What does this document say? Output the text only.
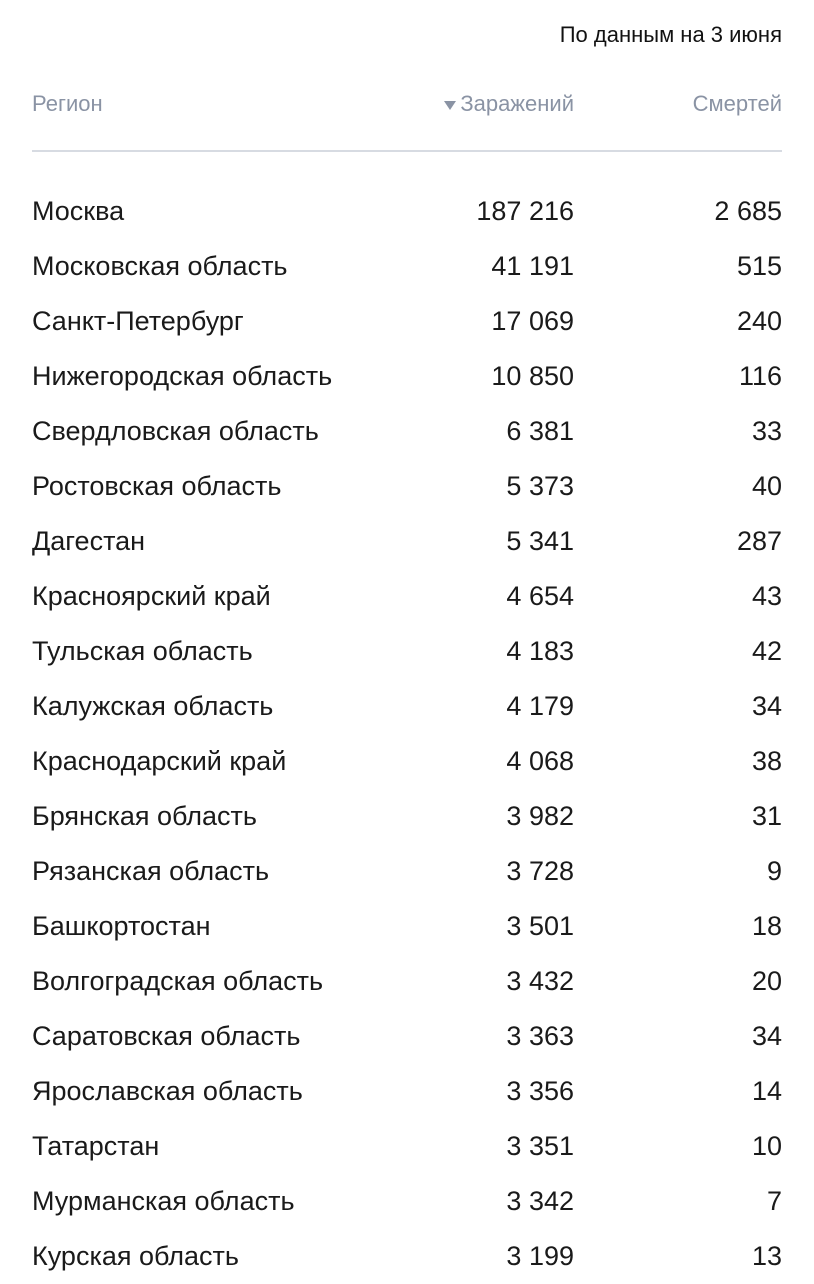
По данным на 3 июня
Регион	Заражений	Смертей
Москва	187 216	2 685
Московская область	41 191	515
Санкт-Петербург	17 069	240
Нижегородская область	10 850	116
Свердловская область	6 381	33
Ростовская область	5 373	40
Дагестан	5 341	287
Красноярский край	4 654	43
Тульская область	4 183	42
Калужская область	4 179	34
Краснодарский край	4 068	38
Брянская область	3 982	31
Рязанская область	3 728	9
Башкортостан	3 501	18
Волгоградская область	3 432	20
Саратовская область	3 363	34
Ярославская область	3 356	14
Татарстан	3 351	10
Мурманская область	3 342	7
Курская область	3 199	13
